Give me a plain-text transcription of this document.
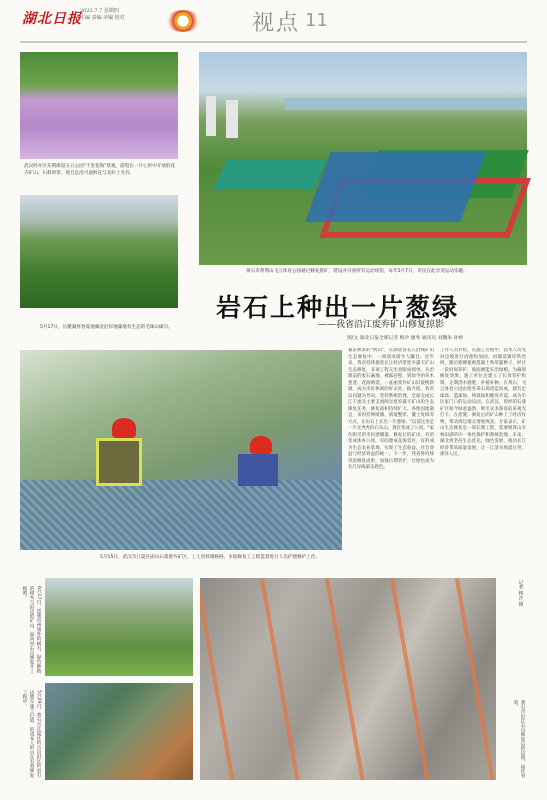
湖北日报
2022.7.7 星期四
主编 责编 美编 校对	视点 11
武汉经开区东荆街道五五公园"千里花海"景观，游逛在一片心形中开放的花卉矿山。石料时常。现旦是沿可观鲜花与美好上光有。
5月17日，岳麓湖将春夏地湖北沿岸地湖地有生态的毛珠山碳川。
黄石市黄荆山飞云体育公园通过修复废矿，建设并开放所有运动场馆，每年5月7日，市民在此享受运动乐趣。
5月15日，武汉市江夏区庙山石漆废弃矿区，工人用铁锹格网，市政修复工工程监督进行人员护理修护工作。
6月17日，恩施市州场外的树石，绿色种植的树木与沿边的矿山，面向由石山修复开工植被。
5月29日，黄石市江夏区的古山旧区的岩石边坡在施工打造，的成本人的山在有效修复工程中。
黄石市沿江石山修复后的边坡，绿化有效。
记者 梅沙 摄
岩石上种出一片葱绿
——我省沿江废弃矿山修复掠影
图/文 湖北日报全媒记者 梅沙 廖秀 通讯员 刘魏朱 孙婷
暮去秋来的"两山"，在湖北省长江沿线矿山生态修复中，一项项成绩令人瞩目。近年来，我省持续推进长江经济带废弃露天矿山生态修复，多项工程交出亮眼成绩单。从治理前的废石遍地、裸露岩壁，到如今的草木葱茏、花海绵延，一座座废弃矿山旧貌换新颜，成为市民休闲的好去处。据介绍，我省以问题为导向，坚持系统治理，全面完成长江干流及主要支流两岸废弃露天矿山的生态修复任务，修复面积持续扩大。各地因地制宜，采用挂网喷播、削坡整形、覆土复绿等方式，让岩石上长出一片葱绿。"以前这里是一片光秃秃的石头山，现在变成了公园。"家住附近的市民感慨道。修复后的矿山，有的变成体育公园，有的建成花海景区，有的成为生态农业基地，实现了生态效益、社会效益与经济效益的统一。下一步，我省将持续巩固修复成果，加强后期管护，让绿色成为长江岸线最美底色。
工作人员介绍，在施工过程中，技术人员先对边坡进行清理和加固，再铺设镀锌铁丝网，随后喷播植被混凝土和草灌种子，经过一段时间养护，坡面便能长出绿植。为确保修复效果，施工单位还建立了长效管护机制，定期浇水施肥、补植补种。在黄石，飞云体育公园由废弃采石场改造而成，建有足球场、篮球场、网球场和健身步道，成为市民家门口的运动乐园。在武汉，曾经的石漆矿区如今绿意盎然，吸引众多游客前来观光打卡。在恩施，修复后的矿山种上了经济作物，带动周边群众增收致富。专家表示，矿山生态修复是一项长期工程，需要统筹山水林田湖草沙一体化保护和系统治理。未来，湖北将坚持生态优先、绿色发展，推动长江经济带高质量发展，让一江清水绵延后世、惠泽人民。
